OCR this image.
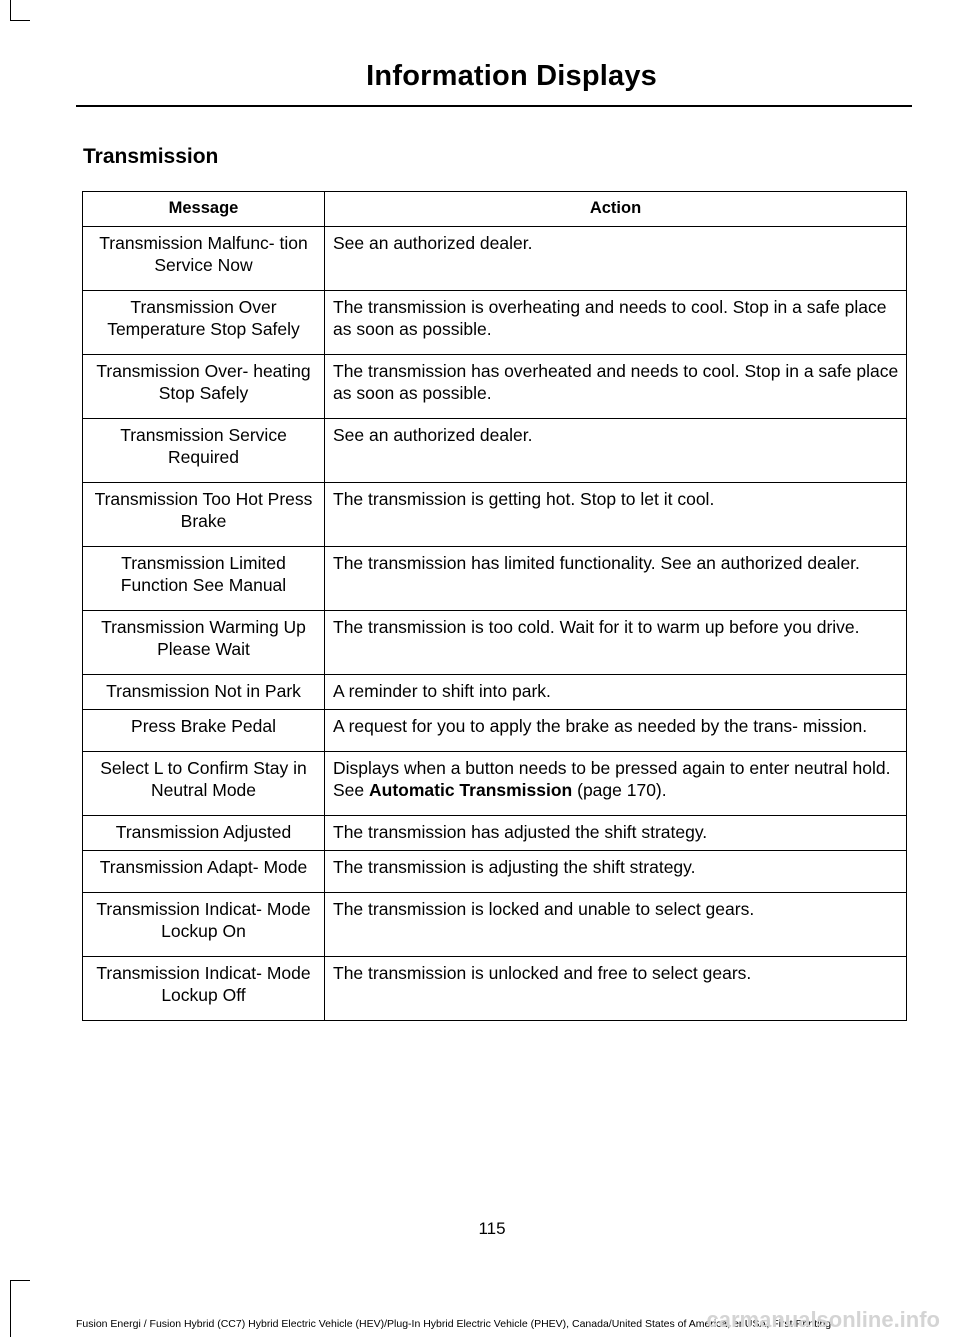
Information Displays
Transmission
Message	Action
Transmission Malfunc- tion Service Now	See an authorized dealer.
Transmission Over Temperature Stop Safely	The transmission is overheating and needs to cool. Stop in a safe place as soon as possible.
Transmission Over- heating Stop Safely	The transmission has overheated and needs to cool. Stop in a safe place as soon as possible.
Transmission Service Required	See an authorized dealer.
Transmission Too Hot Press Brake	The transmission is getting hot. Stop to let it cool.
Transmission Limited Function See Manual	The transmission has limited functionality. See an authorized dealer.
Transmission Warming Up Please Wait	The transmission is too cold. Wait for it to warm up before you drive.
Transmission Not in Park	A reminder to shift into park.
Press Brake Pedal	A request for you to apply the brake as needed by the trans- mission.
Select L to Confirm Stay in Neutral Mode	Displays when a button needs to be pressed again to enter neutral hold. See Automatic Transmission (page 170).
Transmission Adjusted	The transmission has adjusted the shift strategy.
Transmission Adapt- Mode	The transmission is adjusting the shift strategy.
Transmission Indicat- Mode Lockup On	The transmission is locked and unable to select gears.
Transmission Indicat- Mode Lockup Off	The transmission is unlocked and free to select gears.
115
Fusion Energi / Fusion Hybrid (CC7) Hybrid Electric Vehicle (HEV)/Plug-In Hybrid Electric Vehicle (PHEV), Canada/United States of America, enUSA, First Printing
carmanualsonline.info
